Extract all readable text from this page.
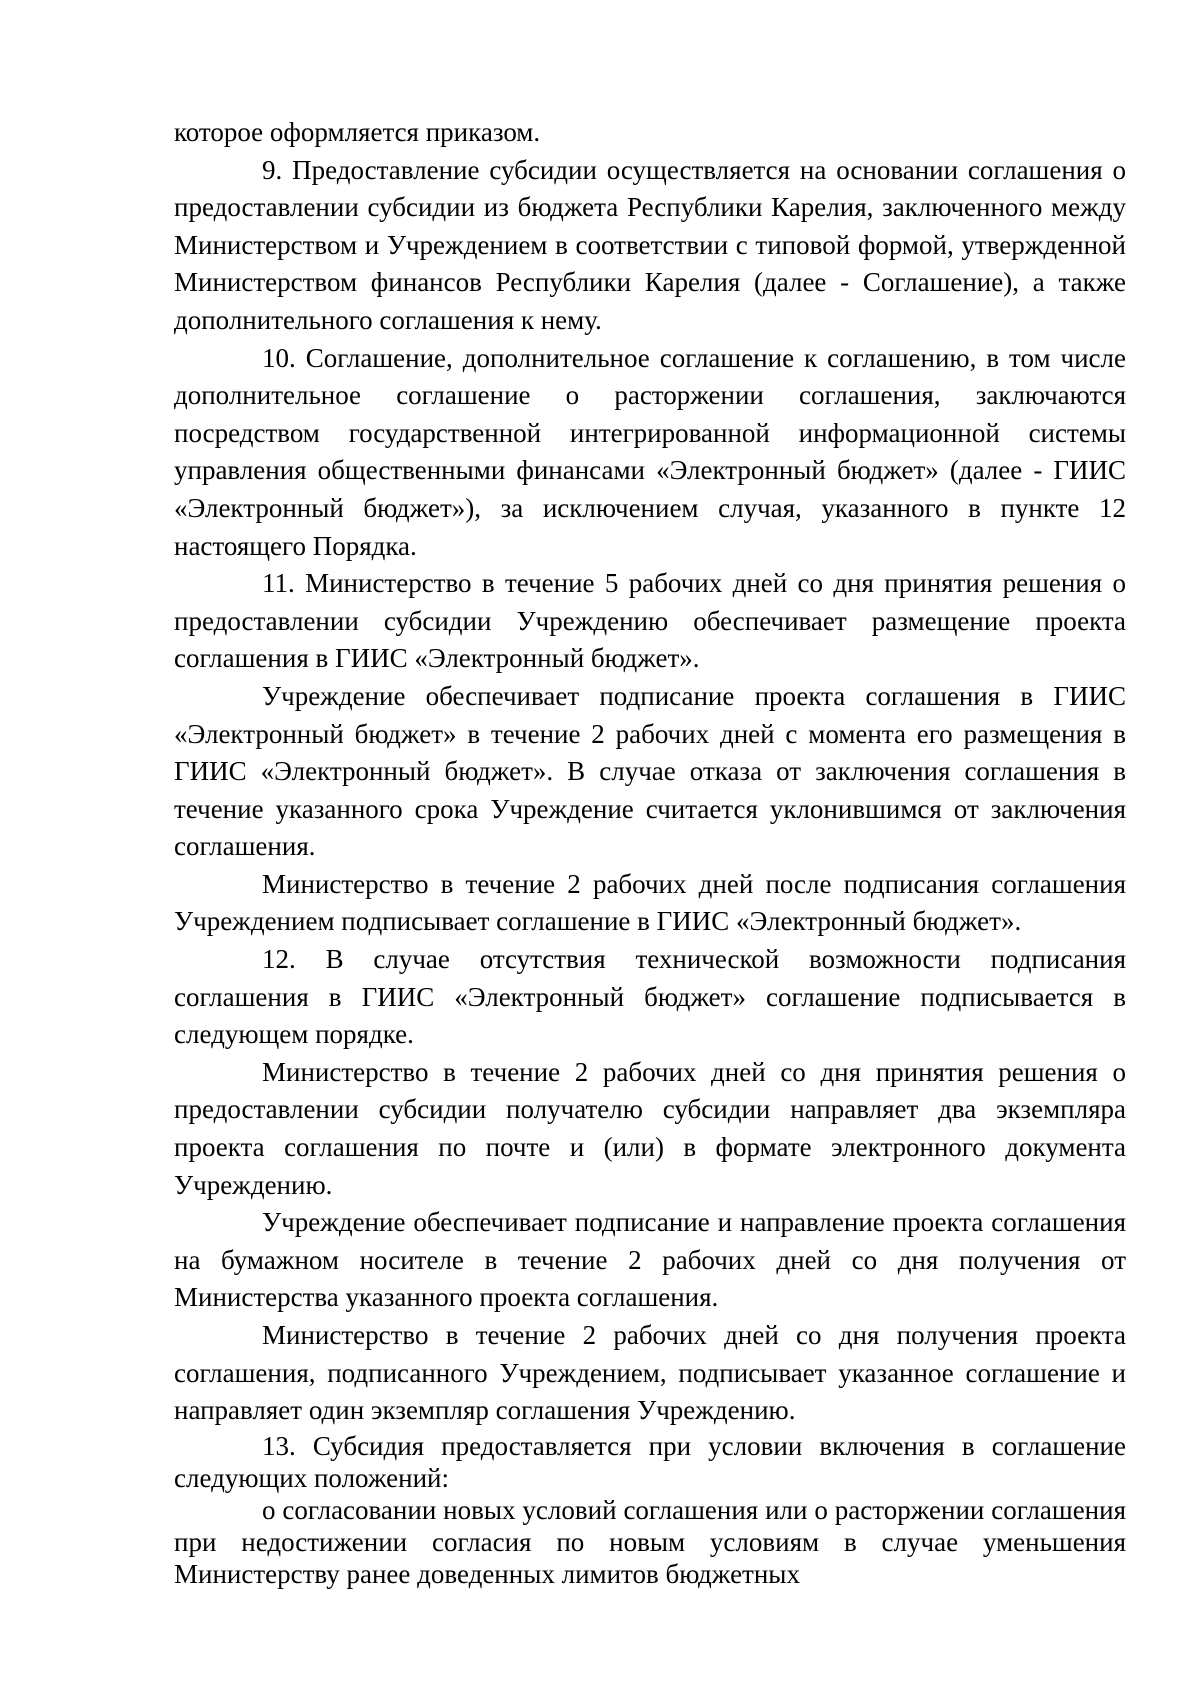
которое оформляется приказом.

9. Предоставление субсидии осуществляется на основании соглашения о предоставлении субсидии из бюджета Республики Карелия, заключенного между Министерством и Учреждением в соответствии с типовой формой, утвержденной Министерством финансов Республики Карелия (далее - Соглашение), а также дополнительного соглашения к нему.

10. Соглашение, дополнительное соглашение к соглашению, в том числе дополнительное соглашение о расторжении соглашения, заключаются посредством государственной интегрированной информационной системы управления общественными финансами «Электронный бюджет» (далее - ГИИС «Электронный бюджет»), за исключением случая, указанного в пункте 12 настоящего Порядка.

11. Министерство в течение 5 рабочих дней со дня принятия решения о предоставлении субсидии Учреждению обеспечивает размещение проекта соглашения в ГИИС «Электронный бюджет».

Учреждение обеспечивает подписание проекта соглашения в ГИИС «Электронный бюджет» в течение 2 рабочих дней с момента его размещения в ГИИС «Электронный бюджет». В случае отказа от заключения соглашения в течение указанного срока Учреждение считается уклонившимся от заключения соглашения.

Министерство в течение 2 рабочих дней после подписания соглашения Учреждением подписывает соглашение в ГИИС «Электронный бюджет».

12. В случае отсутствия технической возможности подписания соглашения в ГИИС «Электронный бюджет» соглашение подписывается в следующем порядке.

Министерство в течение 2 рабочих дней со дня принятия решения о предоставлении субсидии получателю субсидии направляет два экземпляра проекта соглашения по почте и (или) в формате электронного документа Учреждению.

Учреждение обеспечивает подписание и направление проекта соглашения на бумажном носителе в течение 2 рабочих дней со дня получения от Министерства указанного проекта соглашения.

Министерство в течение 2 рабочих дней со дня получения проекта соглашения, подписанного Учреждением, подписывает указанное соглашение и направляет один экземпляр соглашения Учреждению.

13. Субсидия предоставляется при условии включения в соглашение следующих положений:

о согласовании новых условий соглашения или о расторжении соглашения при недостижении согласия по новым условиям в случае уменьшения Министерству ранее доведенных лимитов бюджетных
